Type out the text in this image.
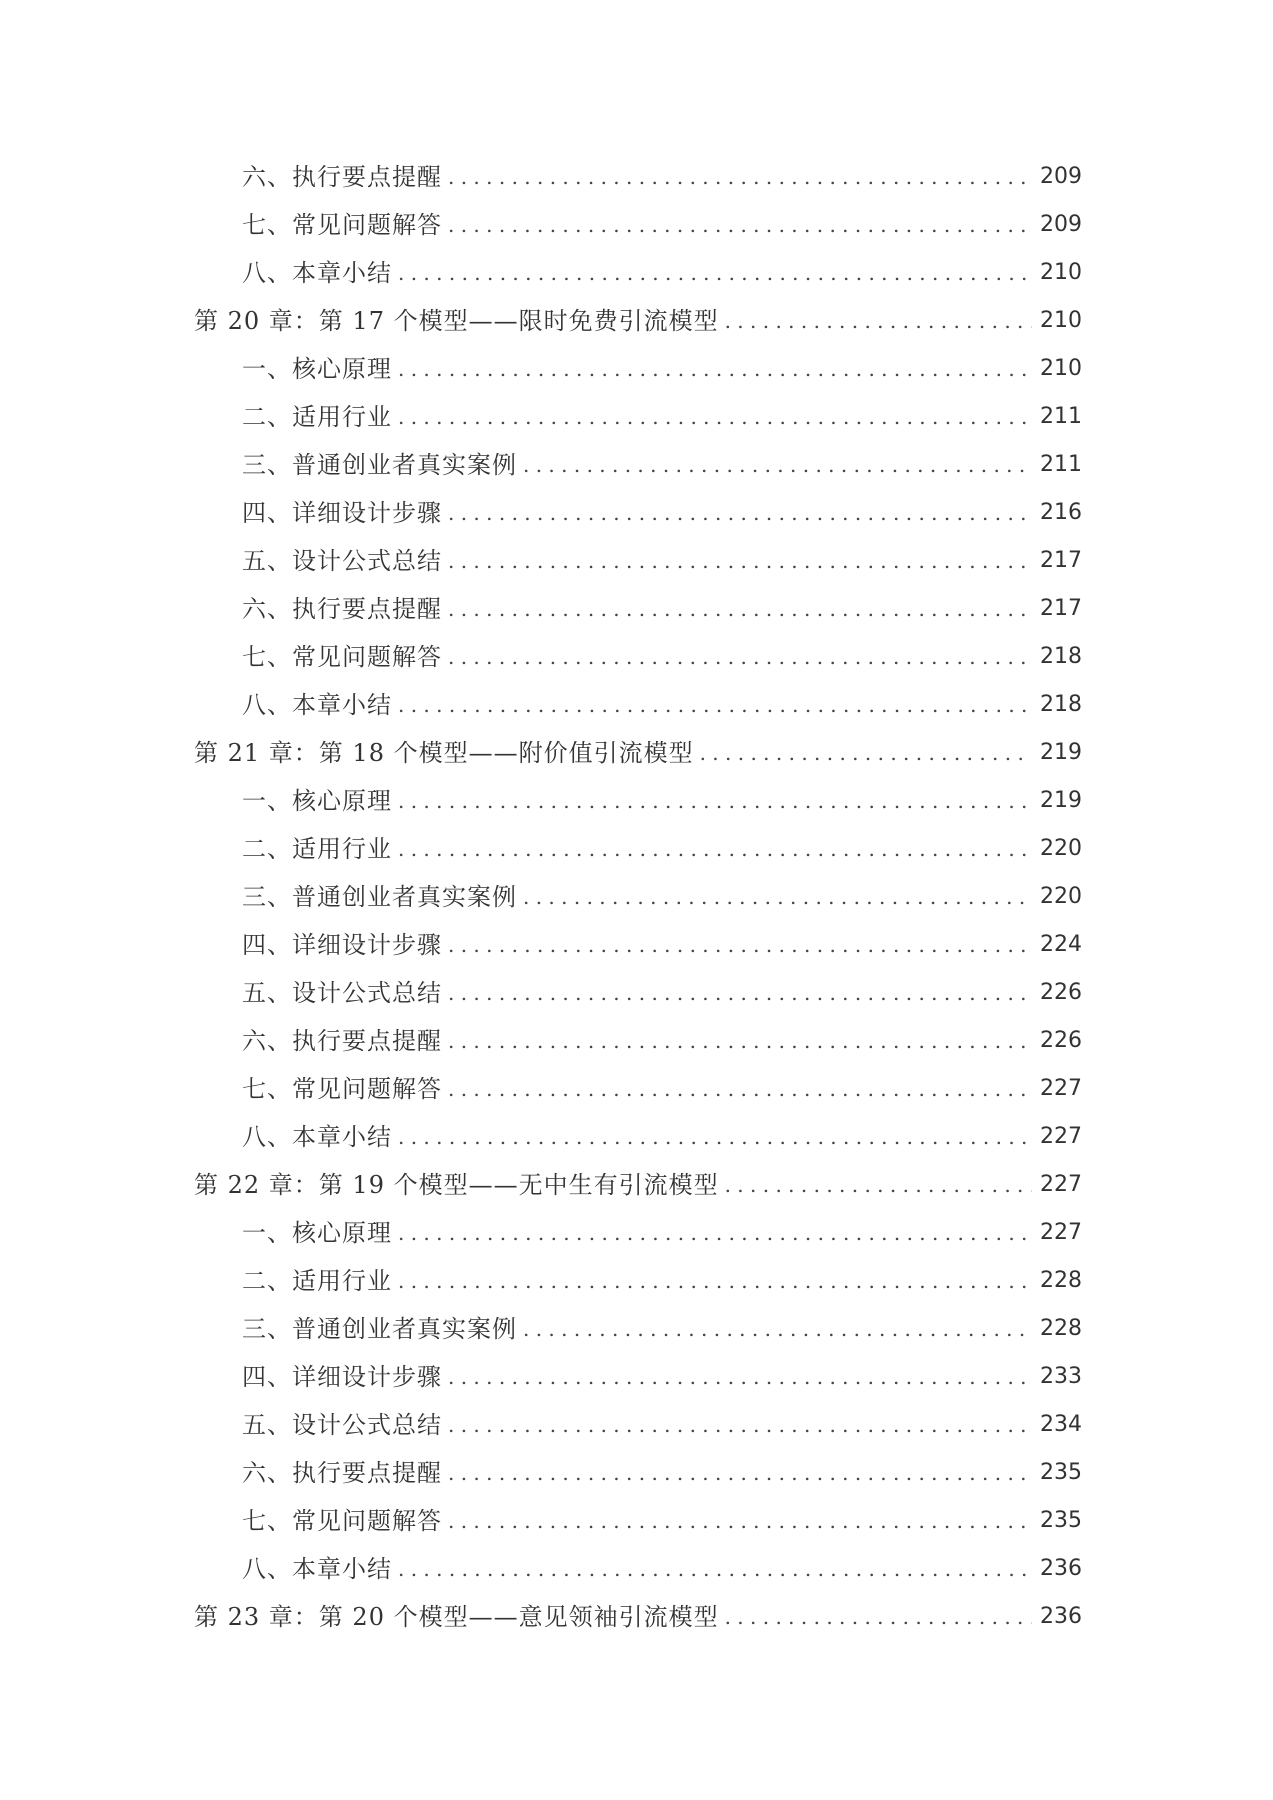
六、执行要点提醒 . . .	209
七、常见问题解答 . . .	209
八、本章小结 . . .	210
第 20 章：第 17 个模型——限时免费引流模型 . . .	210
一、核心原理 . . .	210
二、适用行业 . . .	211
三、普通创业者真实案例 . . .	211
四、详细设计步骤 . . .	216
五、设计公式总结 . . .	217
六、执行要点提醒 . . .	217
七、常见问题解答 . . .	218
八、本章小结 . . .	218
第 21 章：第 18 个模型——附价值引流模型 . . .	219
一、核心原理 . . .	219
二、适用行业 . . .	220
三、普通创业者真实案例 . . .	220
四、详细设计步骤 . . .	224
五、设计公式总结 . . .	226
六、执行要点提醒 . . .	226
七、常见问题解答 . . .	227
八、本章小结 . . .	227
第 22 章：第 19 个模型——无中生有引流模型 . . .	227
一、核心原理 . . .	227
二、适用行业 . . .	228
三、普通创业者真实案例 . . .	228
四、详细设计步骤 . . .	233
五、设计公式总结 . . .	234
六、执行要点提醒 . . .	235
七、常见问题解答 . . .	235
八、本章小结 . . .	236
第 23 章：第 20 个模型——意见领袖引流模型 . . .	236
